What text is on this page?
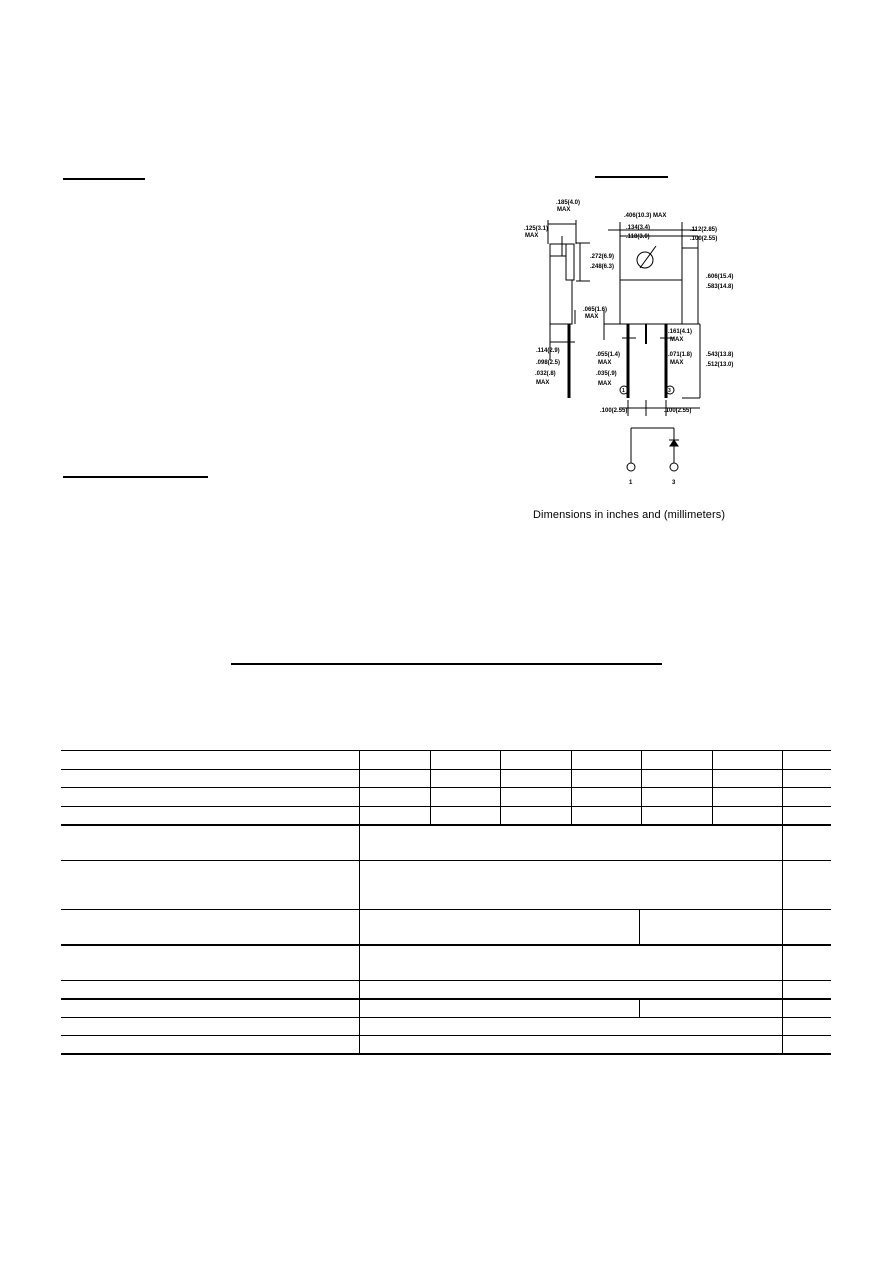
.185(4.0)
MAX
.125(3.1)
MAX
.406(10.3) MAX
.134(3.4)
.118(3.0)
.112(2.85)
.100(2.55)
.272(6.9)
.248(6.3)
.606(15.4)
.583(14.8)
.065(1.6)
MAX
.161(4.1)
MAX
.055(1.4)
MAX
.071(1.8)
MAX
.543(13.8)
.512(13.0)
.114(2.9)
.098(2.5)
.035(.9)
MAX
.032(.8)
MAX
.100(2.55)	.100(2.55)
1	3
1	3
Dimensions in inches and (millimeters)
